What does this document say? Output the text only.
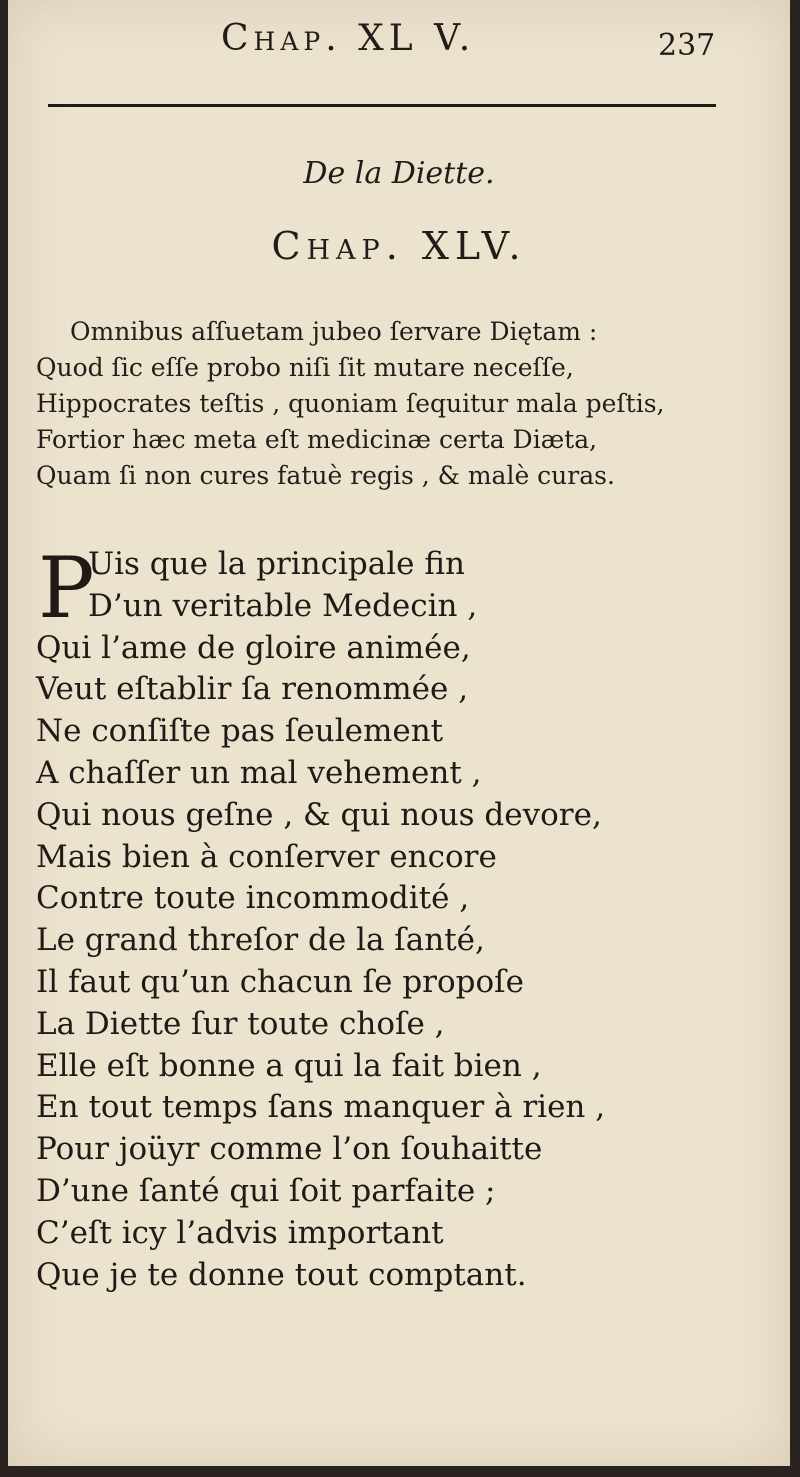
Chap. XL V.	237
De la Diette.
Chap. XLV.
Omnibus aſſuetam jubeo ſervare Diętam :
Quod ſic eſſe probo niſi ſit mutare neceſſe,
Hippocrates teſtis , quoniam ſequitur mala peſtis,
Fortior hæc meta eſt medicinæ certa Diæta,
Quam ſi non cures fatuè regis , & malè curas.
P
Uis que la principale fin
D’un veritable Medecin ,
Qui l’ame de gloire animée,
Veut eſtablir ſa renommée ,
Ne conſiſte pas ſeulement
A chaſſer un mal vehement ,
Qui nous geſne , & qui nous devore,
Mais bien à conſerver encore
Contre toute incommodité ,
Le grand threſor de la ſanté,
Il faut qu’un chacun ſe propoſe
La Diette ſur toute choſe ,
Elle eſt bonne a qui la fait bien ,
En tout temps ſans manquer à rien ,
Pour joüyr comme l’on ſouhaitte
D’une ſanté qui ſoit parfaite ;
C’eſt icy l’advis important
Que je te donne tout comptant.
